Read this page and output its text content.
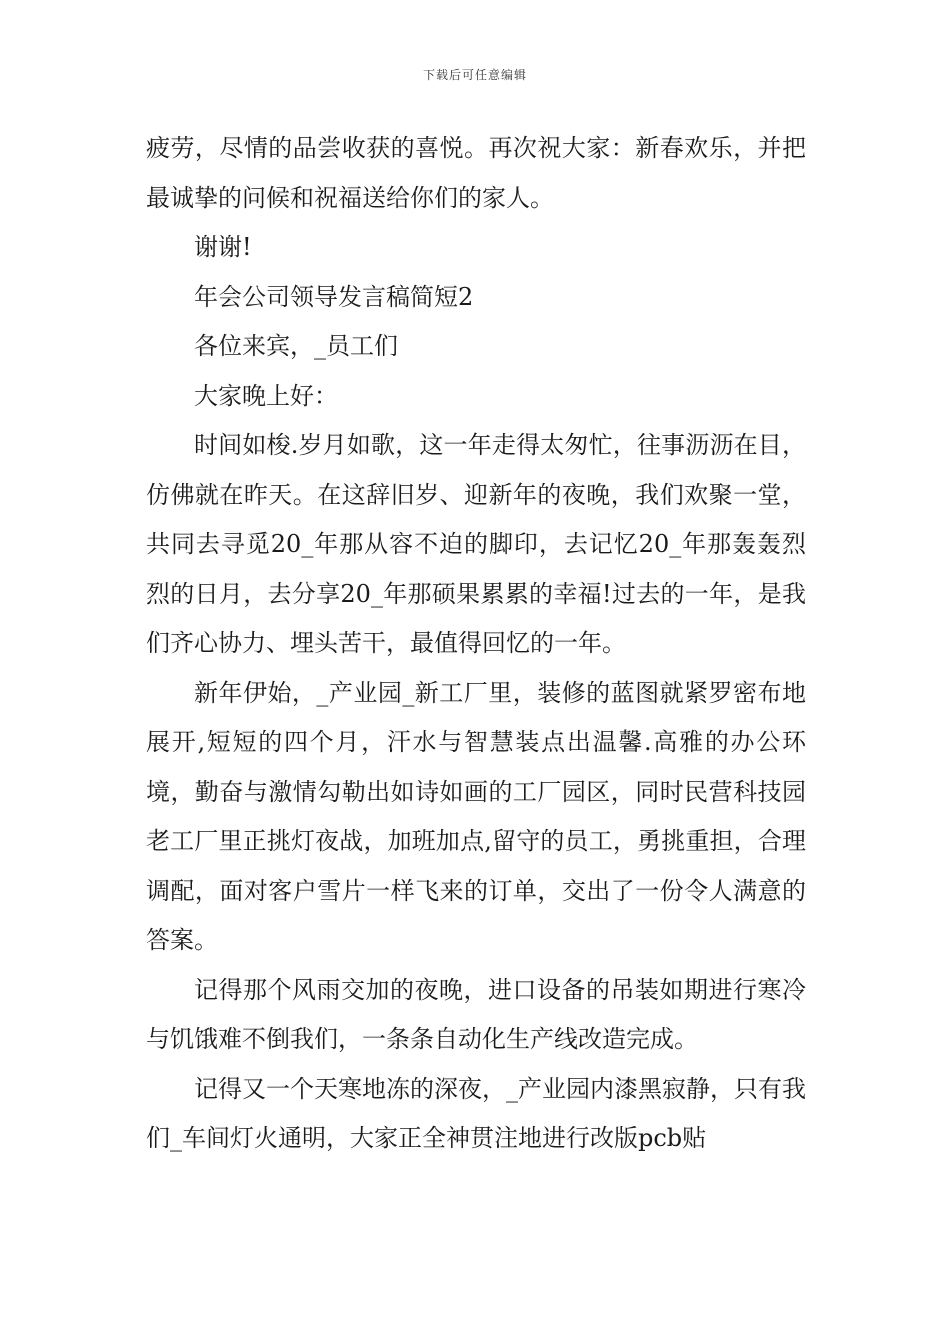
下载后可任意编辑

疲劳，尽情的品尝收获的喜悦。再次祝大家：新春欢乐，并把最诚挚的问候和祝福送给你们的家人。

谢谢!

年会公司领导发言稿简短2

各位来宾，_员工们

大家晚上好：

时间如梭.岁月如歌，这一年走得太匆忙，往事沥沥在目，仿佛就在昨天。在这辞旧岁、迎新年的夜晚，我们欢聚一堂，共同去寻觅20_年那从容不迫的脚印，去记忆20_年那轰轰烈烈的日月，去分享20_年那硕果累累的幸福!过去的一年，是我们齐心协力、埋头苦干，最值得回忆的一年。

新年伊始，_产业园_新工厂里，装修的蓝图就紧罗密布地展开,短短的四个月，汗水与智慧装点出温馨.高雅的办公环境，勤奋与激情勾勒出如诗如画的工厂园区，同时民营科技园老工厂里正挑灯夜战，加班加点,留守的员工，勇挑重担，合理调配，面对客户雪片一样飞来的订单，交出了一份令人满意的答案。

记得那个风雨交加的夜晚，进口设备的吊装如期进行寒冷与饥饿难不倒我们，一条条自动化生产线改造完成。

记得又一个天寒地冻的深夜，_产业园内漆黑寂静，只有我们_车间灯火通明，大家正全神贯注地进行改版pcb贴
